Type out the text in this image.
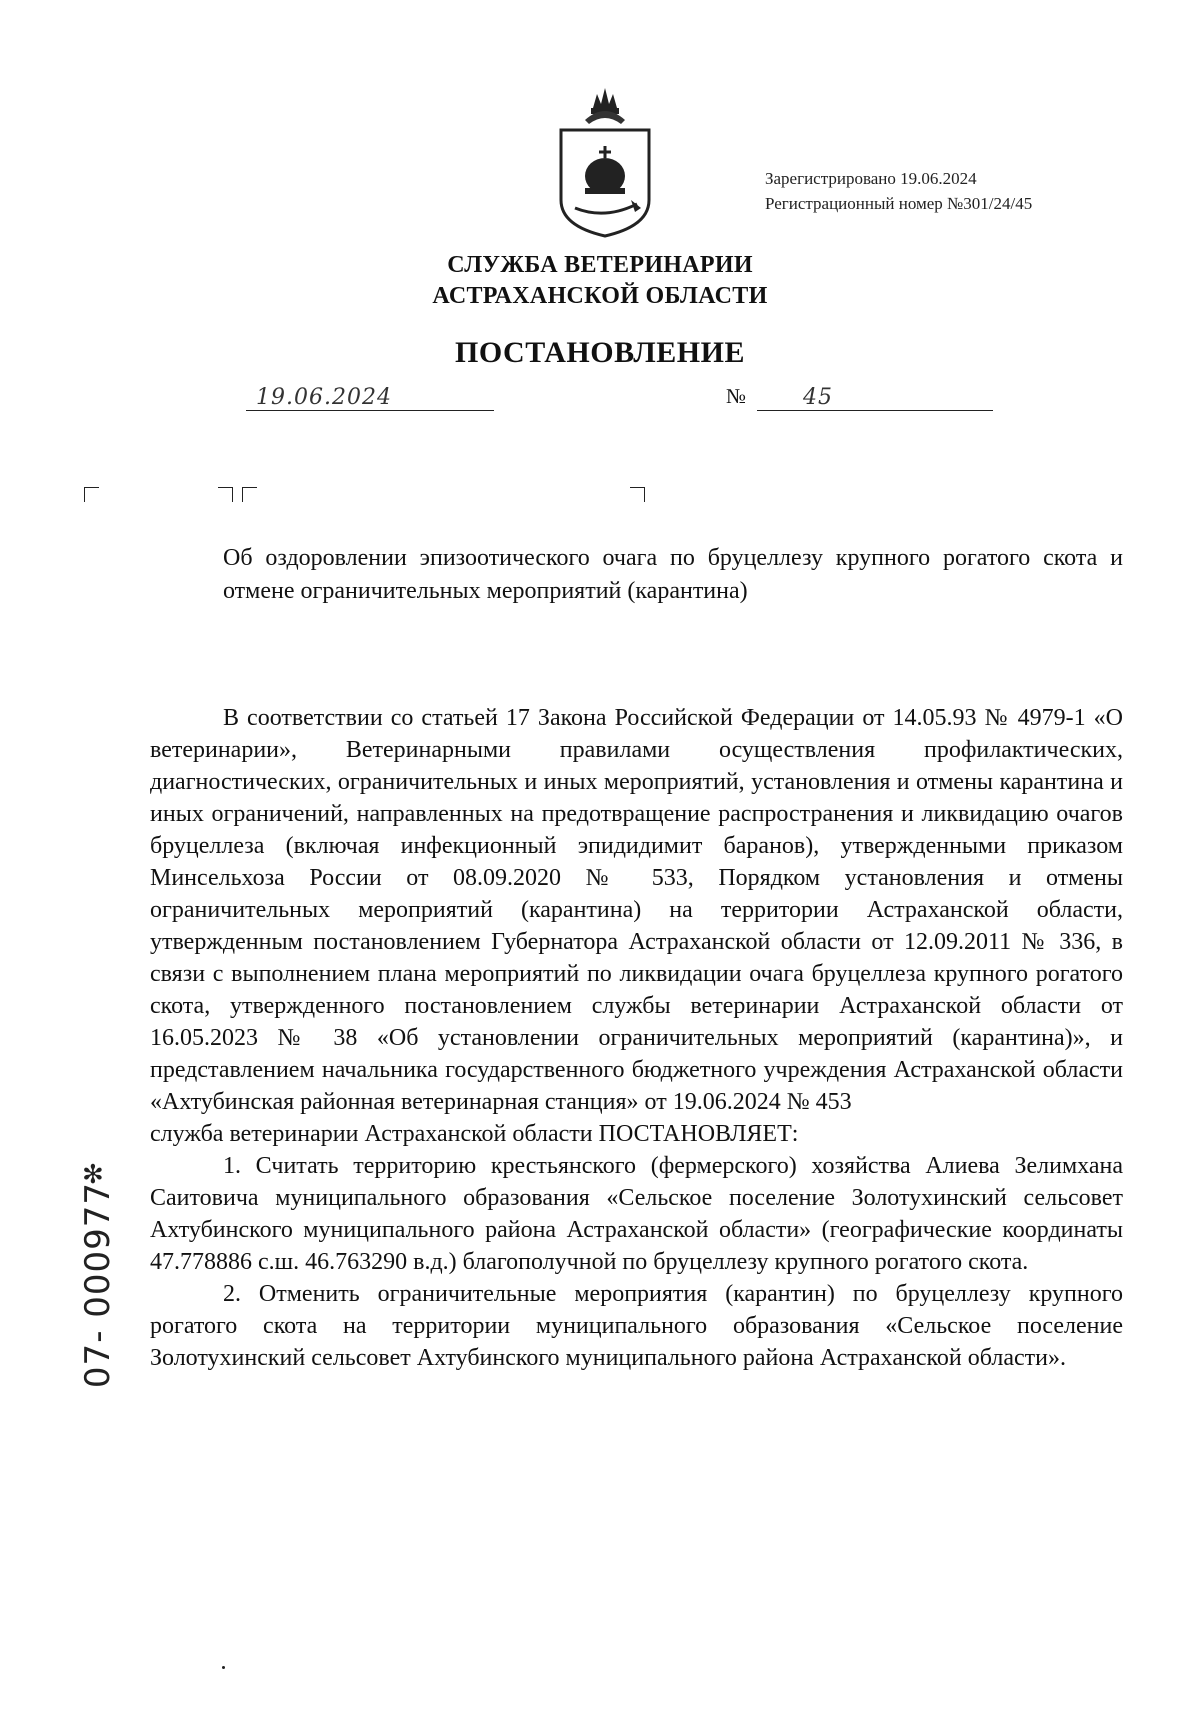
Зарегистрировано 19.06.2024
Регистрационный номер №301/24/45
СЛУЖБА ВЕТЕРИНАРИИ
АСТРАХАНСКОЙ ОБЛАСТИ
ПОСТАНОВЛЕНИЕ
19.06.2024	№	45
Об оздоровлении эпизоотического очага по бруцеллезу крупного рогатого скота и отмене ограничительных мероприятий (карантина)

В соответствии со статьей 17 Закона Российской Федерации от 14.05.93 № 4979-1 «О ветеринарии», Ветеринарными правилами осуществления профилактических, диагностических, ограничительных и иных мероприятий, установления и отмены карантина и иных ограничений, направленных на предотвращение распространения и ликвидацию очагов бруцеллеза (включая инфекционный эпидидимит баранов), утвержденными приказом Минсельхоза России от 08.09.2020 № 533, Порядком установления и отмены ограничительных мероприятий (карантина) на территории Астраханской области, утвержденным постановлением Губернатора Астраханской области от 12.09.2011 № 336, в связи с выполнением плана мероприятий по ликвидации очага бруцеллеза крупного рогатого скота, утвержденного постановлением службы ветеринарии Астраханской области от 16.05.2023 № 38 «Об установлении ограничительных мероприятий (карантина)», и представлением начальника государственного бюджетного учреждения Астраханской области «Ахтубинская районная ветеринарная станция» от 19.06.2024 № 453

служба ветеринарии Астраханской области ПОСТАНОВЛЯЕТ:

1. Считать территорию крестьянского (фермерского) хозяйства Алиева Зелимхана Саитовича муниципального образования «Сельское поселение Золотухинский сельсовет Ахтубинского муниципального района Астраханской области» (географические координаты 47.778886 с.ш. 46.763290 в.д.) благополучной по бруцеллезу крупного рогатого скота.

2. Отменить ограничительные мероприятия (карантин) по бруцеллезу крупного рогатого скота на территории муниципального образования «Сельское поселение Золотухинский сельсовет Ахтубинского муниципального района Астраханской области».

✻
07- 000977
